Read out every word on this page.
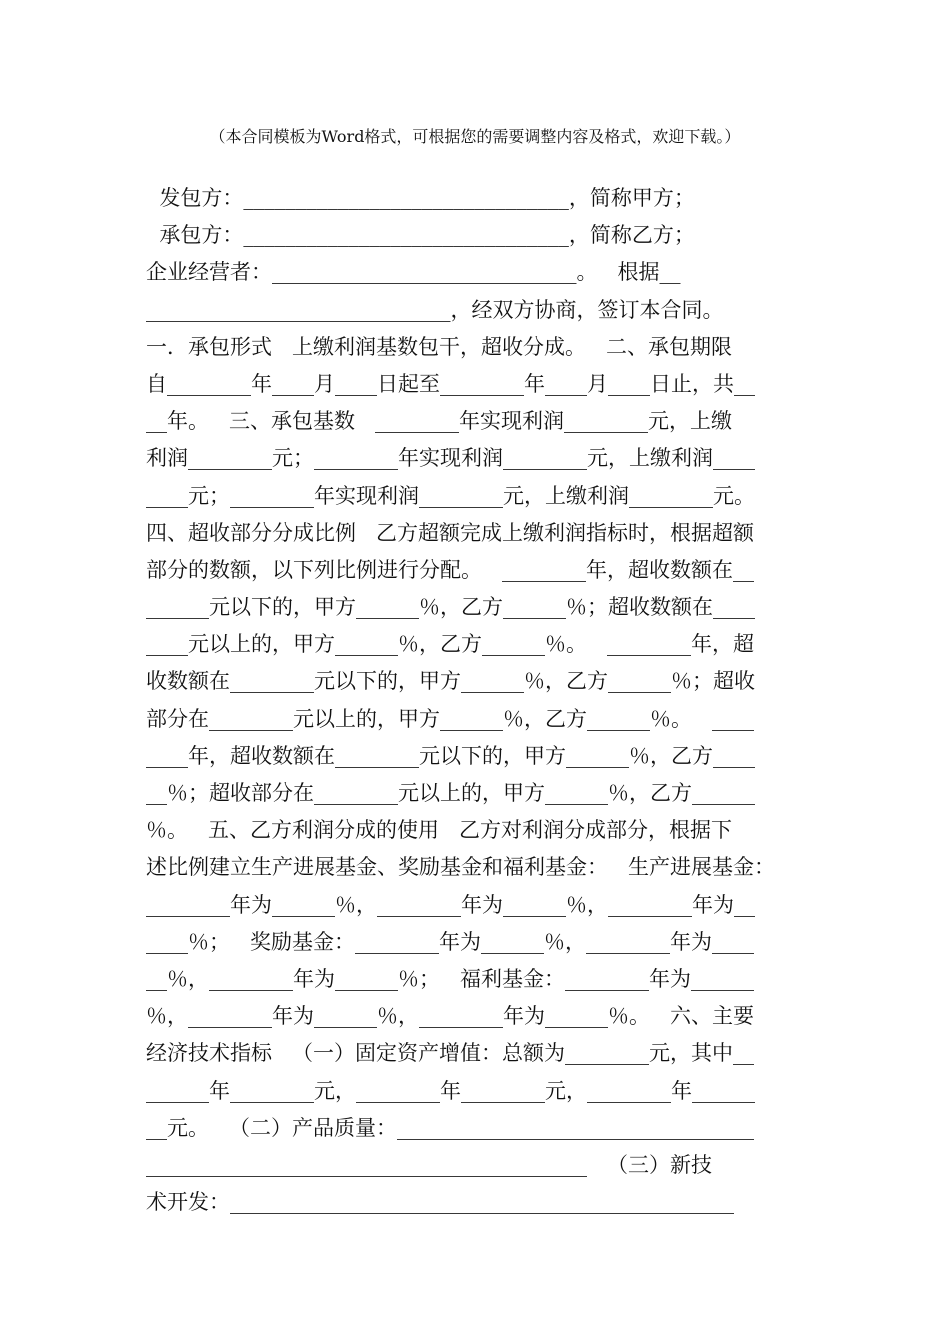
（本合同模板为Word格式，可根据您的需要调整内容及格式，欢迎下载。）
发包方：_______________________________，简称甲方；
承包方：_______________________________，简称乙方；
企业经营者：_____________________________。   根据__
_____________________________，经双方协商，签订本合同。
一．承包形式   上缴利润基数包干，超收分成。   二、承包期限
自________年____月____日起至________年____月____日止，共__
__年。   三、承包基数   ________年实现利润________元，上缴
利润________元；________年实现利润________元，上缴利润____
____元；________年实现利润________元，上缴利润________元。
四、超收部分分成比例   乙方超额完成上缴利润指标时，根据超额
部分的数额，以下列比例进行分配。   ________年，超收数额在__
______元以下的，甲方______％，乙方______％；超收数额在____
____元以上的，甲方______％，乙方______％。   ________年，超
收数额在________元以下的，甲方______％，乙方______％；超收
部分在________元以上的，甲方______％，乙方______％。   ____
____年，超收数额在________元以下的，甲方______％，乙方____
__％；超收部分在________元以上的，甲方______％，乙方______
％。   五、乙方利润分成的使用   乙方对利润分成部分，根据下
述比例建立生产进展基金、奖励基金和福利基金：   生产进展基金：
________年为______％，________年为______％，________年为__
____％；   奖励基金：________年为______％，________年为____
__％，________年为______％；   福利基金：________年为______
％，________年为______％，________年为______％。   六、主要
经济技术指标   （一）固定资产增值：总额为________元，其中__
______年________元，________年________元，________年______
__元。   （二）产品质量：__________________________________
__________________________________________   （三）新技
术开发：________________________________________________
